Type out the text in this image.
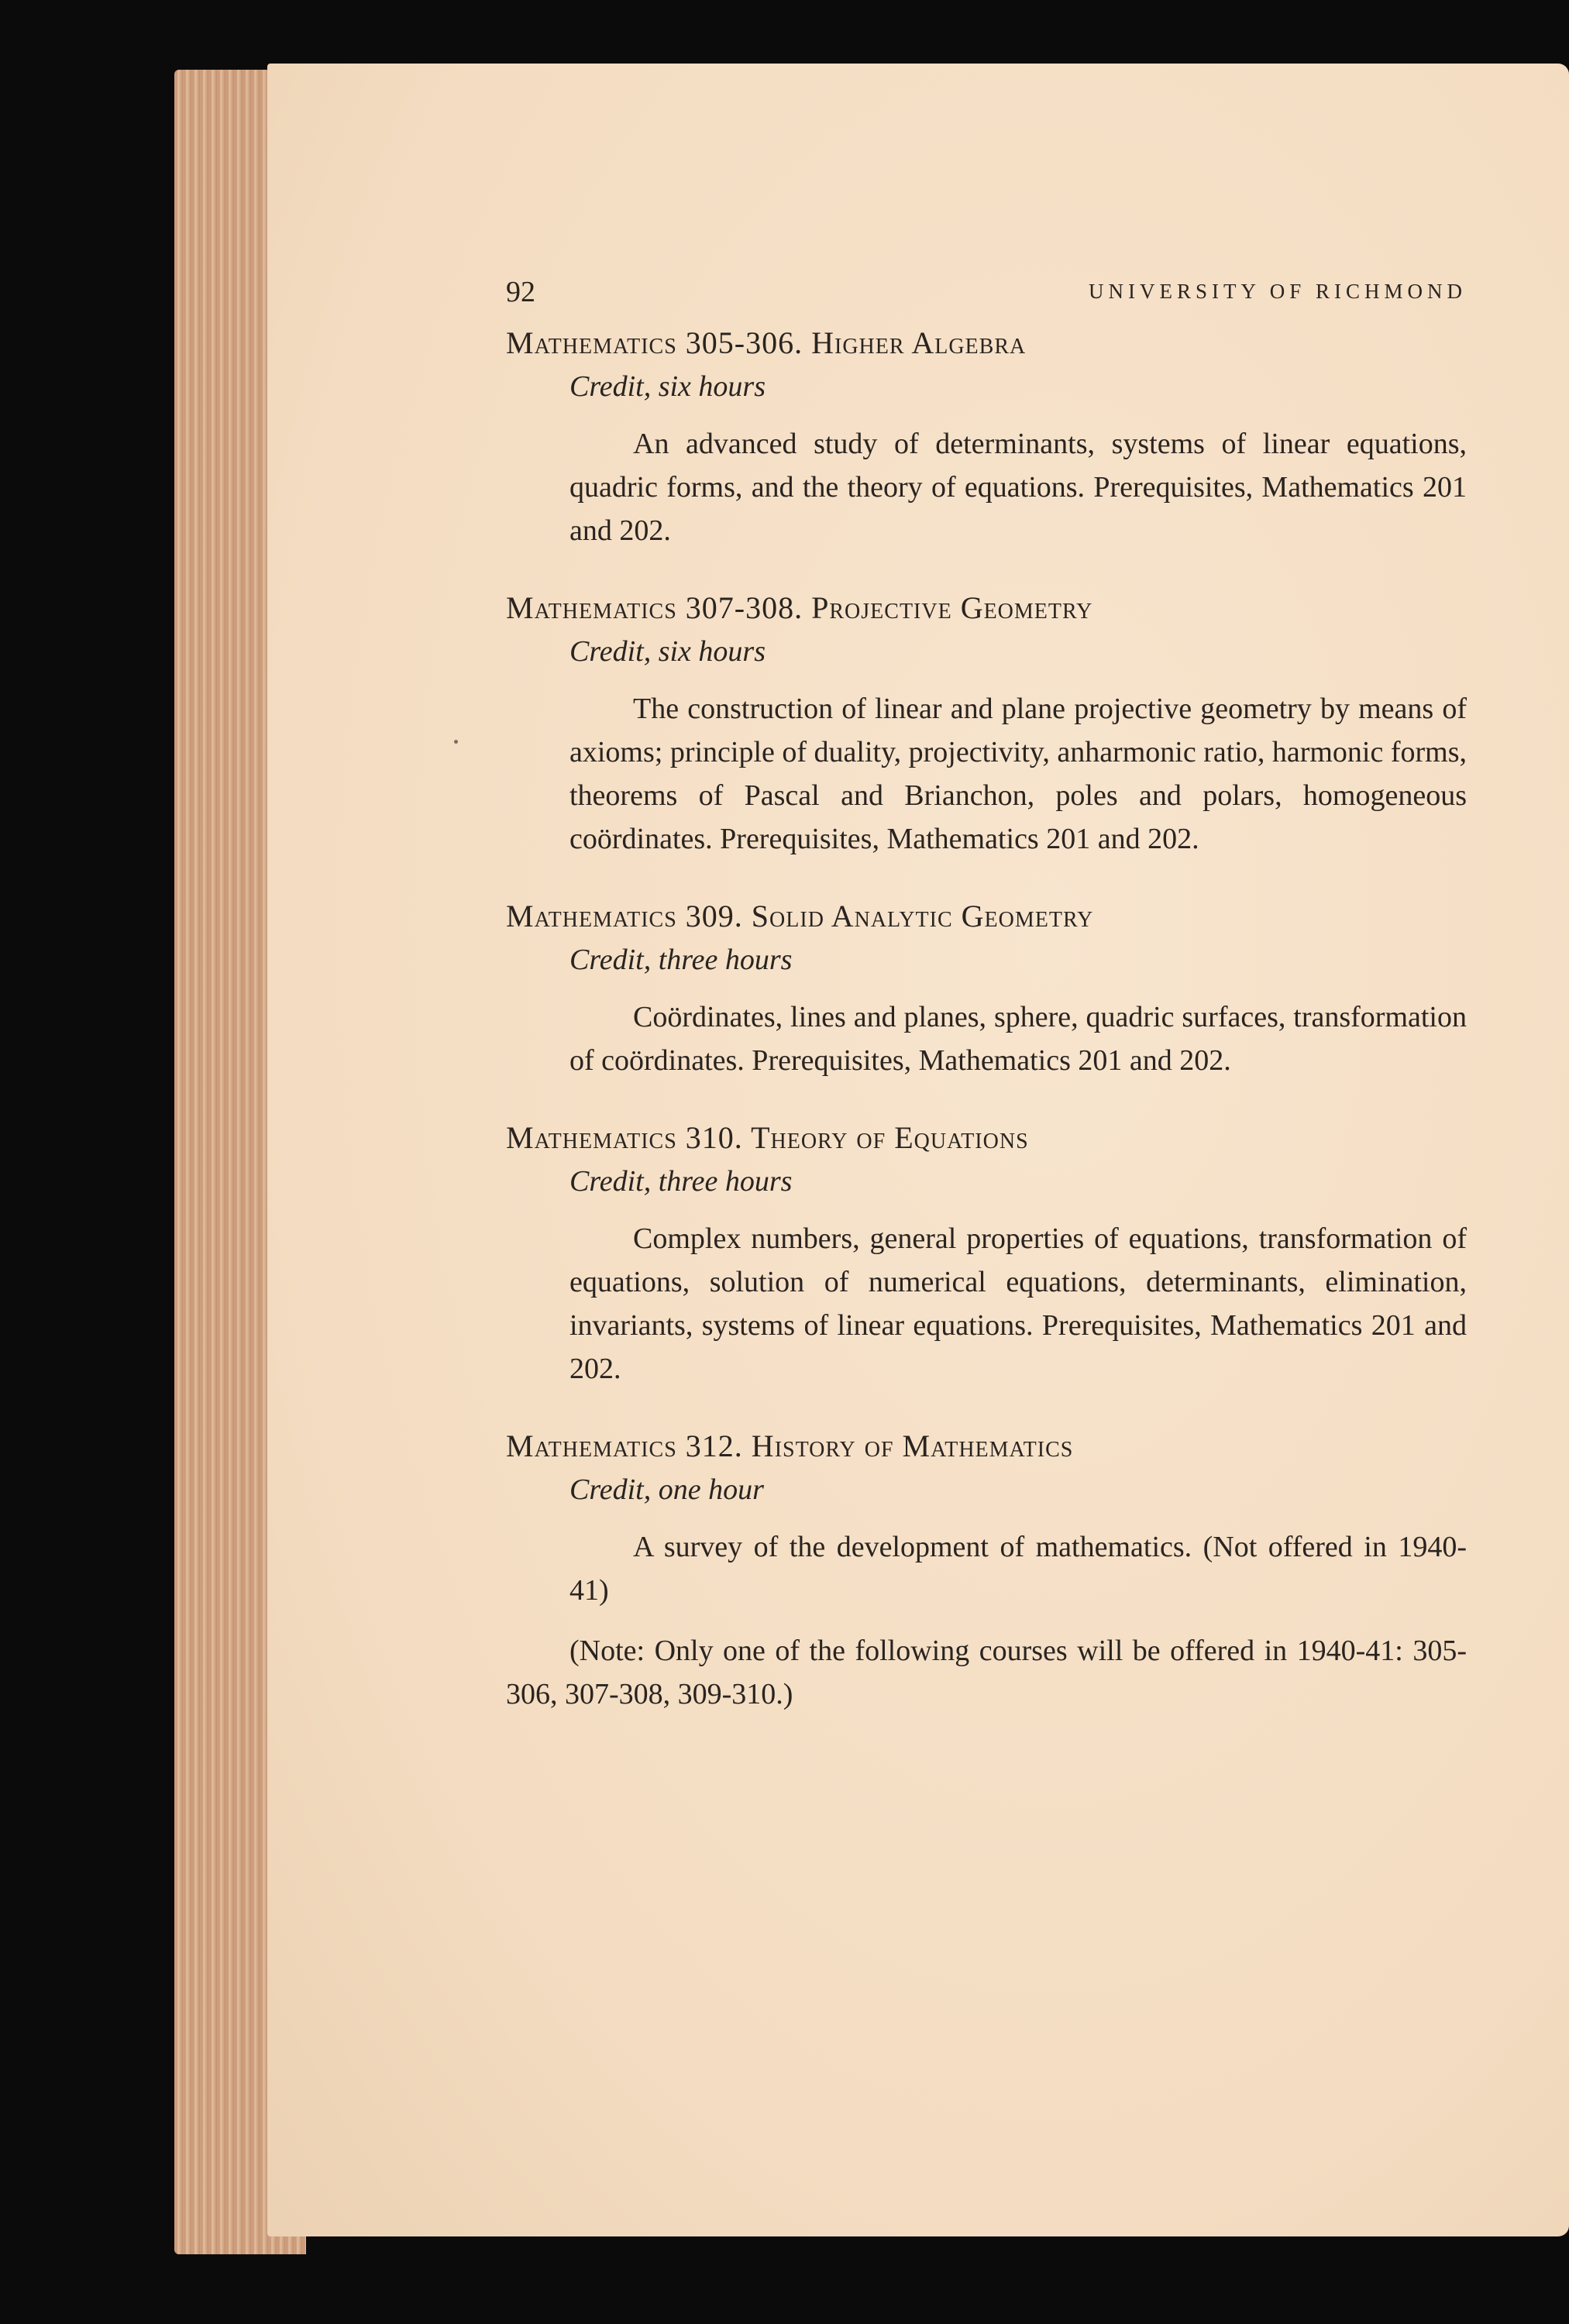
92	UNIVERSITY OF RICHMOND

Mathematics 305-306. Higher Algebra

Credit, six hours

An advanced study of determinants, systems of linear equations, quadric forms, and the theory of equations. Prerequisites, Mathematics 201 and 202.

Mathematics 307-308. Projective Geometry

Credit, six hours

The construction of linear and plane projective geometry by means of axioms; principle of duality, projectivity, anharmonic ratio, harmonic forms, theorems of Pascal and Brianchon, poles and polars, homogeneous coördinates. Prerequisites, Mathematics 201 and 202.

Mathematics 309. Solid Analytic Geometry

Credit, three hours

Coördinates, lines and planes, sphere, quadric surfaces, transformation of coördinates. Prerequisites, Mathematics 201 and 202.

Mathematics 310. Theory of Equations

Credit, three hours

Complex numbers, general properties of equations, transformation of equations, solution of numerical equations, determinants, elimination, invariants, systems of linear equations. Prerequisites, Mathematics 201 and 202.

Mathematics 312. History of Mathematics

Credit, one hour

A survey of the development of mathematics. (Not offered in 1940-41)

(Note: Only one of the following courses will be offered in 1940-41: 305-306, 307-308, 309-310.)
